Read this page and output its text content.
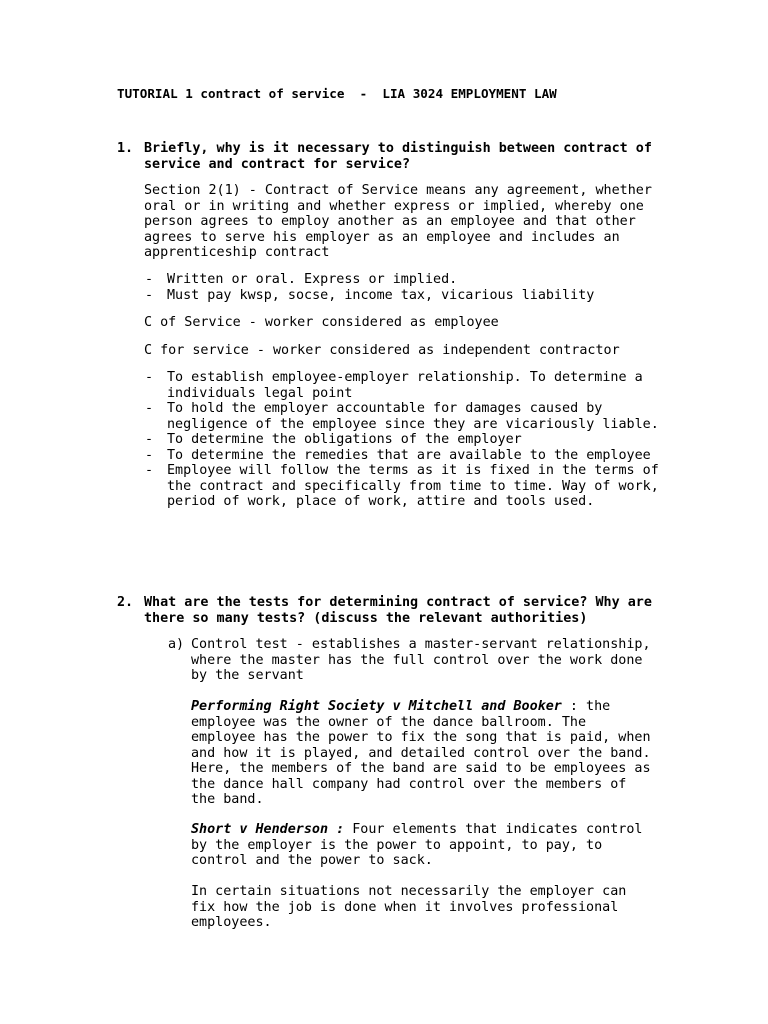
TUTORIAL 1 contract of service  -  LIA 3024 EMPLOYMENT LAW
1. Briefly, why is it necessary to distinguish between contract of service and contract for service?
Section 2(1) - Contract of Service means any agreement, whether oral or in writing and whether express or implied, whereby one person agrees to employ another as an employee and that other agrees to serve his employer as an employee and includes an apprenticeship contract
- Written or oral. Express or implied.
- Must pay kwsp, socse, income tax, vicarious liability
C of Service - worker considered as employee
C for service - worker considered as independent contractor
- To establish employee-employer relationship. To determine a individuals legal point
- To hold the employer accountable for damages caused by negligence of the employee since they are vicariously liable.
- To determine the obligations of the employer
- To determine the remedies that are available to the employee
- Employee will follow the terms as it is fixed in the terms of the contract and specifically from time to time. Way of work, period of work, place of work, attire and tools used.
2. What are the tests for determining contract of service? Why are there so many tests? (discuss the relevant authorities)
a) Control test - establishes a master-servant relationship, where the master has the full control over the work done by the servant
Performing Right Society v Mitchell and Booker : the employee was the owner of the dance ballroom. The employee has the power to fix the song that is paid, when and how it is played, and detailed control over the band. Here, the members of the band are said to be employees as the dance hall company had control over the members of the band.
Short v Henderson : Four elements that indicates control by the employer is the power to appoint, to pay, to control and the power to sack.
In certain situations not necessarily the employer can fix how the job is done when it involves professional employees.
